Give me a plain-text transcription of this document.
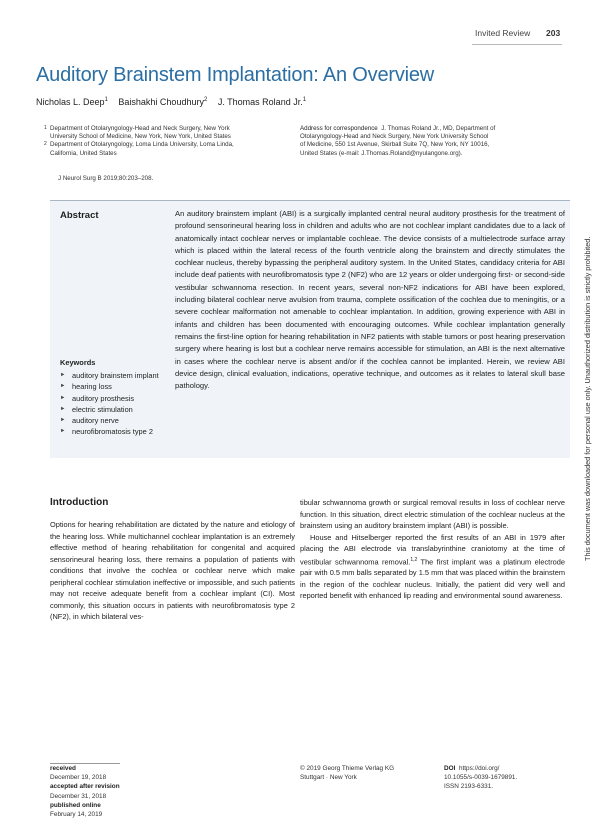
Invited Review 203
Auditory Brainstem Implantation: An Overview
Nicholas L. Deep$^1$ Baishakhi Choudhury$^2$ J. Thomas Roland Jr.$^1$
1 Department of Otolaryngology-Head and Neck Surgery, New York
University School of Medicine, New York, New York, United States
2 Department of Otolaryngology, Loma Linda University, Loma Linda,
California, United States
Address for correspondence J. Thomas Roland Jr., MD, Department of
Otolaryngology-Head and Neck Surgery, New York University School
of Medicine, 550 1st Avenue, Skirball Suite 7Q, New York, NY 10016,
United States (e-mail: J.Thomas.Roland@nyulangone.org).
J Neurol Surg B 2019;80:203–208.
Abstract	An auditory brainstem implant (ABI) is a surgically implanted central neural auditory prosthesis for the treatment of profound sensorineural hearing loss in children and adults who are not cochlear implant candidates due to a lack of anatomically intact cochlear nerves or implantable cochleae. The device consists of a multielectrode surface array which is placed within the lateral recess of the fourth ventricle along the brainstem and directly stimulates the cochlear nucleus, thereby bypassing the peripheral auditory system. In the United States, candidacy criteria for ABI include deaf patients with neurofibromatosis type 2 (NF2) who are 12 years or older undergoing first- or second-side vestibular schwannoma resection. In recent years, several non-NF2 indications for ABI have been explored, including bilateral cochlear nerve avulsion from trauma, complete ossification of the cochlea due to meningitis, or a severe cochlear malformation not amenable to cochlear implantation. In addition, growing experience with ABI in infants and children has been documented with encouraging outcomes. While cochlear implantation generally remains the first-line option for hearing rehabilitation in NF2 patients with stable tumors or post hearing preservation surgery where hearing is lost but a cochlear nerve remains accessible for stimulation, an ABI is the next alternative in cases where the cochlear nerve is absent and/or if the cochlea cannot be implanted. Herein, we review ABI device design, clinical evaluation, indications, operative technique, and outcomes as it relates to lateral skull base pathology.
Keywords
► auditory brainstem implant
► hearing loss
► auditory prosthesis
► electric stimulation
► auditory nerve
► neurofibromatosis type 2
Introduction
Options for hearing rehabilitation are dictated by the nature and etiology of the hearing loss. While multichannel cochlear implantation is an extremely effective method of hearing rehabilitation for congenital and acquired sensorineural hearing loss, there remains a population of patients with conditions that involve the cochlea or cochlear nerve which make peripheral cochlear stimulation ineffective or impossible, and such patients may not receive adequate benefit from a cochlear implant (CI). Most commonly, this situation occurs in patients with neurofibromatosis type 2 (NF2), in which bilateral ves-

tibular schwannoma growth or surgical removal results in loss of cochlear nerve function. In this situation, direct electric stimulation of the cochlear nucleus at the brainstem using an auditory brainstem implant (ABI) is possible.

House and Hitselberger reported the first results of an ABI in 1979 after placing the ABI electrode via translabyrinthine craniotomy at the time of vestibular schwannoma removal.$^{1,2}$ The first implant was a platinum electrode pair with 0.5 mm balls separated by 1.5 mm that was placed within the brainstem in the region of the cochlear nucleus. Initially, the patient did very well and reported benefit with enhanced lip reading and environmental sound awareness.

received
December 19, 2018
accepted after revision
December 31, 2018
published online
February 14, 2019
© 2019 Georg Thieme Verlag KG
Stuttgart · New York
DOI https://doi.org/
10.1055/s-0039-1679891.
ISSN 2193-6331.
This document was downloaded for personal use only. Unauthorized distribution is strictly prohibited.
